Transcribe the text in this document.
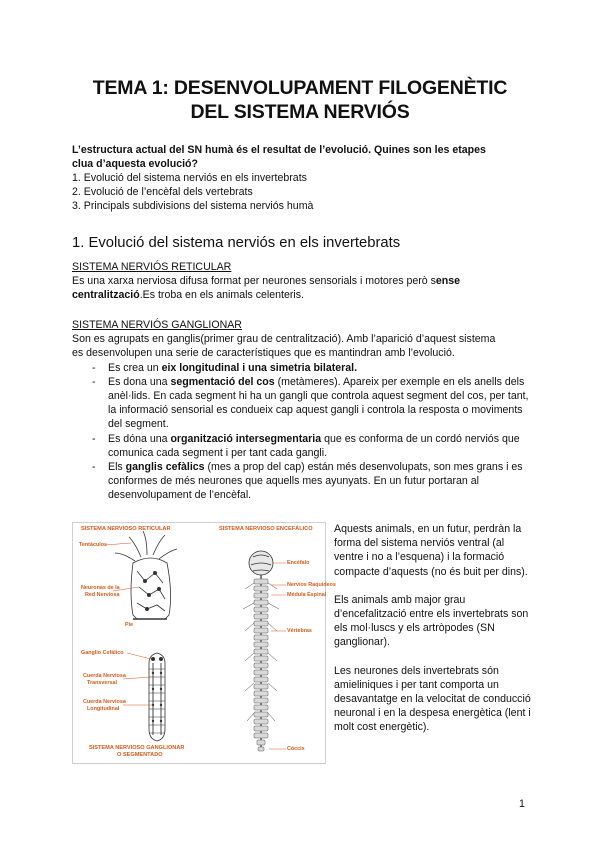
TEMA 1: DESENVOLUPAMENT FILOGENÈTIC
DEL SISTEMA NERVIÓS
L’estructura actual del SN humà és el resultat de l’evolució. Quines son les etapes
clua d’aquesta evolució?
1. Evolució del sistema nerviós en els invertebrats
2. Evolució de l’encèfal dels vertebrats
3. Principals subdivisions del sistema nerviós humà
1. Evolució del sistema nerviós en els invertebrats
SISTEMA NERVIÓS RETICULAR
Es una xarxa nerviosa difusa format per neurones sensorials i motores però sense centralització.Es troba en els animals celenteris.
SISTEMA NERVIÓS GANGLIONAR
Son es agrupats en ganglis(primer grau de centralització). Amb l’aparició d’aquest sistema
es desenvolupen una serie de característiques que es mantindran amb l’evolució.
- Es crea un eix longitudinal i una simetria bilateral.
- Es dona una segmentació del cos (metàmeres). Apareix per exemple en els anells dels anèl·lids. En cada segment hi ha un gangli que controla aquest segment del cos, per tant, la informació sensorial es condueix cap aquest gangli i controla la resposta o moviments del segment.
- Es dóna una organització intersegmentaria que es conforma de un cordó nerviós que comunica cada segment i per tant cada gangli.
- Els ganglis cefàlics (mes a prop del cap) están més desenvolupats, son mes grans i es conformes de més neurones que aquells mes ayunyats. En un futur portaran al desenvolupament de l’encèfal.
SISTEMA NERVIOSO RETICULAR	SISTEMA NERVIOSO ENCEFÁLICO
Tentáculos
Neuronas de la
Red Nerviosa
Pie
Encéfalo
Nervios Raquídeos
Médula Espinal
Vértebras
Cóccix
Ganglio Cefálico
Cuerda Nerviosa
Transversal
Cuerda Nerviosa
Longitudinal
SISTEMA NERVIOSO GANGLIONAR
O SEGMENTADO

Aquests animals, en un futur, perdràn la forma del sistema nerviós ventral (al ventre i no a l’esquena) i la formació compacte d’aquests (no és buit per dins).

Els animals amb major grau d’encefalització entre els invertebrats son els mol·luscs y els artròpodes (SN ganglionar).

Les neurones dels invertebrats són amieliniques i per tant comporta un desavantatge en la velocitat de conducció neuronal i en la despesa energètica (lent i molt cost energètic).

1
